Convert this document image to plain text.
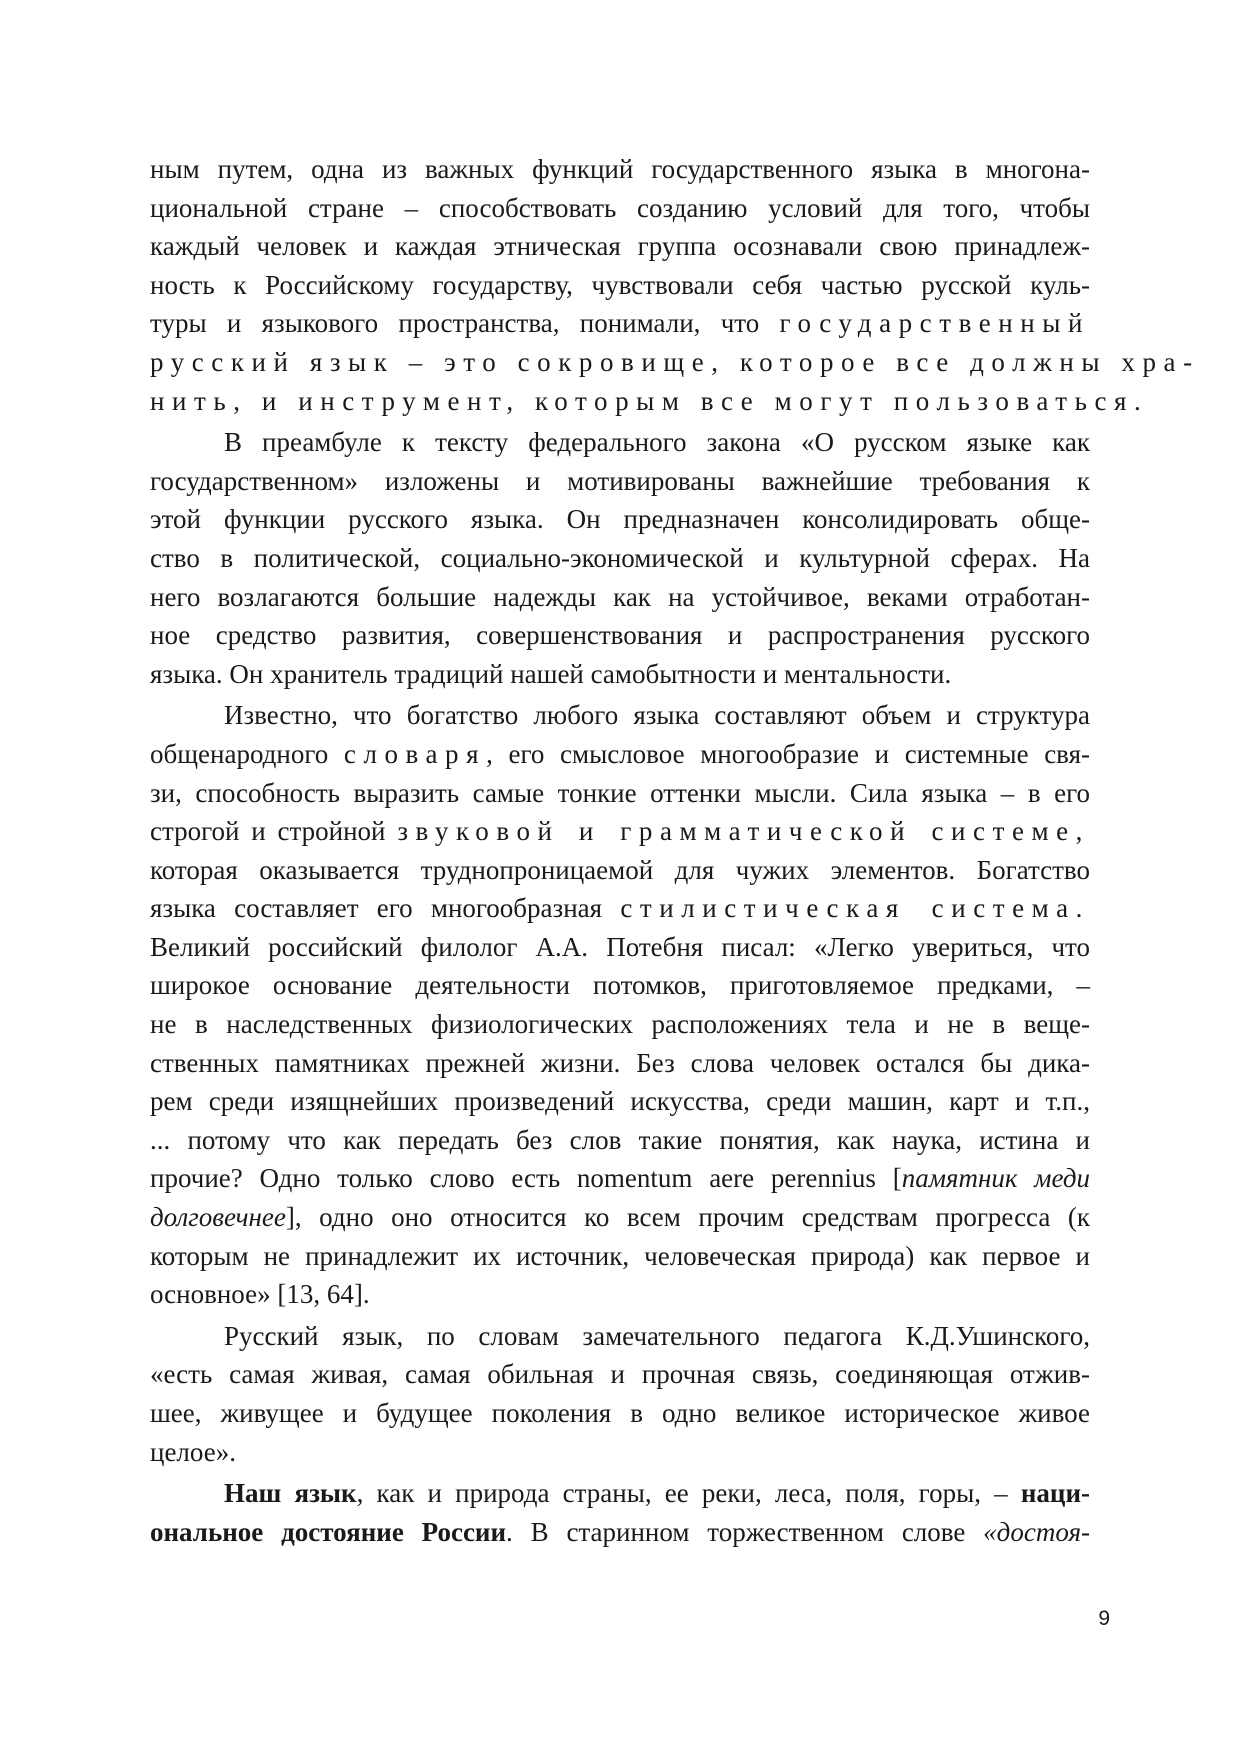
ным путем, одна из важных функций государственного языка в многона-
циональной стране – способствовать созданию условий для того, чтобы
каждый человек и каждая этническая группа осознавали свою принадлеж-
ность к Российскому государству, чувствовали себя частью русской куль-
туры и языкового пространства, понимали, что государственный
русский язык – это сокровище, которое все должны хра-
нить, и инструмент, которым все могут пользоваться.
В преамбуле к тексту федерального закона «О русском языке как
государственном» изложены и мотивированы важнейшие требования к
этой функции русского языка. Он предназначен консолидировать обще-
ство в политической, социально-экономической и культурной сферах. На
него возлагаются большие надежды как на устойчивое, веками отработан-
ное средство развития, совершенствования и распространения русского
языка. Он хранитель традиций нашей самобытности и ментальности.
Известно, что богатство любого языка составляют объем и структура
общенародного словаря, его смысловое многообразие и системные свя-
зи, способность выразить самые тонкие оттенки мысли. Сила языка – в его
строгой и стройной звуковой и грамматической системе,
которая оказывается труднопроницаемой для чужих элементов. Богатство
языка составляет его многообразная стилистическая система.
Великий российский филолог А.А. Потебня писал: «Легко увериться, что
широкое основание деятельности потомков, приготовляемое предками, –
не в наследственных физиологических расположениях тела и не в веще-
ственных памятниках прежней жизни. Без слова человек остался бы дика-
рем среди изящнейших произведений искусства, среди машин, карт и т.п.,
... потому что как передать без слов такие понятия, как наука, истина и
прочие? Одно только слово есть nomentum aere perennius [памятник меди
долговечнее], одно оно относится ко всем прочим средствам прогресса (к
которым не принадлежит их источник, человеческая природа) как первое и
основное» [13, 64].
Русский язык, по словам замечательного педагога К.Д.Ушинского,
«есть самая живая, самая обильная и прочная связь, соединяющая отжив-
шее, живущее и будущее поколения в одно великое историческое живое
целое».
Наш язык, как и природа страны, ее реки, леса, поля, горы, – наци-
ональное достояние России. В старинном торжественном слове «достоя-
9
